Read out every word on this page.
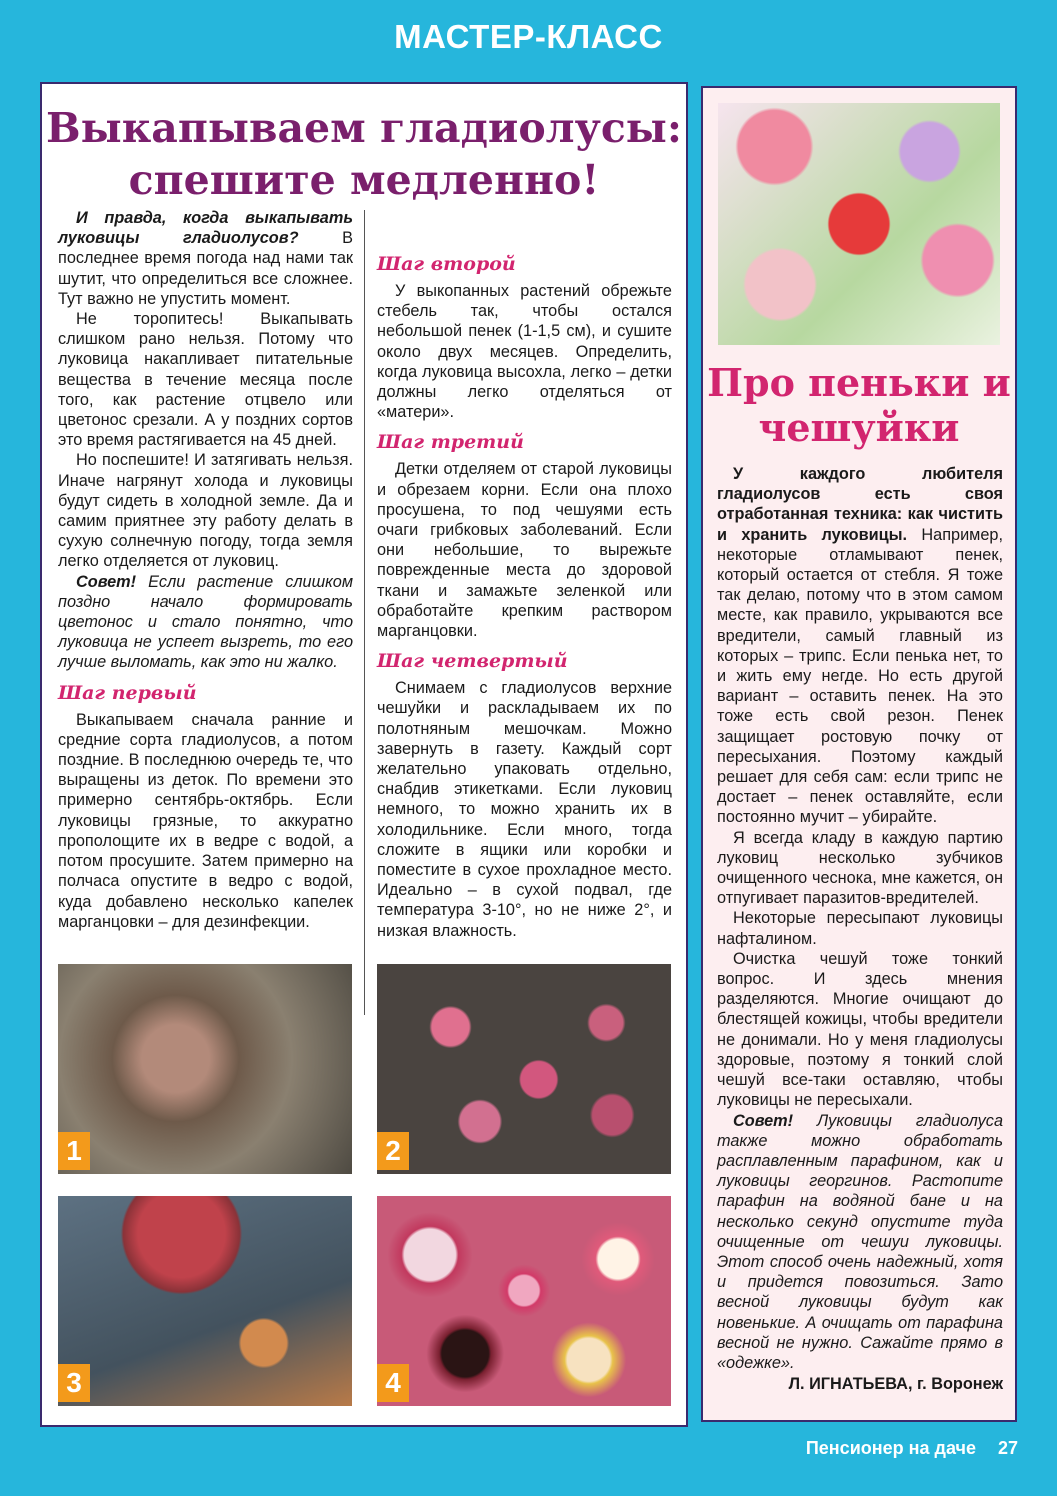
МАСТЕР-КЛАСС
Выкапываем гладиолусы: спешите медленно!

И правда, когда выкапывать луковицы гладиолусов? В последнее время погода над нами так шутит, что определиться все сложнее. Тут важно не упустить момент.

Не торопитесь! Выкапывать слишком рано нельзя. Потому что луковица накапливает питательные вещества в течение месяца после того, как растение отцвело или цветонос срезали. А у поздних сортов это время растягивается на 45 дней.

Но поспешите! И затягивать нельзя. Иначе нагрянут холода и луковицы будут сидеть в холодной земле. Да и самим приятнее эту работу делать в сухую солнечную погоду, тогда земля легко отделяется от луковиц.

Совет! Если растение слишком поздно начало формировать цветонос и стало понятно, что луковица не успеет вызреть, то его лучше выломать, как это ни жалко.

Шаг первый

Выкапываем сначала ранние и средние сорта гладиолусов, а потом поздние. В последнюю очередь те, что выращены из деток. По времени это примерно сентябрь-октябрь. Если луковицы грязные, то аккуратно прополощите их в ведре с водой, а потом просушите. Затем примерно на полчаса опустите в ведро с водой, куда добавлено несколько капелек марганцовки – для дезинфекции.

Шаг второй

У выкопанных растений обрежьте стебель так, чтобы остался небольшой пенек (1-1,5 см), и сушите около двух месяцев. Определить, когда луковица высохла, легко – детки должны легко отделяться от «матери».

Шаг третий

Детки отделяем от старой луковицы и обрезаем корни. Если она плохо просушена, то под чешуями есть очаги грибковых заболеваний. Если они небольшие, то вырежьте поврежденные места до здоровой ткани и замажьте зеленкой или обработайте крепким раствором марганцовки.

Шаг четвертый

Снимаем с гладиолусов верхние чешуйки и раскладываем их по полотняным мешочкам. Можно завернуть в газету. Каждый сорт желательно упаковать отдельно, снабдив этикетками. Если луковиц немного, то можно хранить их в холодильнике. Если много, тогда сложите в ящики или коробки и поместите в сухое прохладное место. Идеально – в сухой подвал, где температура 3-10°, но не ниже 2°, и низкая влажность.

1	2
3	4
Про пеньки и чешуйки

У каждого любителя гладиолусов есть своя отработанная техника: как чистить и хранить луковицы. Например, некоторые отламывают пенек, который остается от стебля. Я тоже так делаю, потому что в этом самом месте, как правило, укрываются все вредители, самый главный из которых – трипс. Если пенька нет, то и жить ему негде. Но есть другой вариант – оставить пенек. На это тоже есть свой резон. Пенек защищает ростовую почку от пересыхания. Поэтому каждый решает для себя сам: если трипс не достает – пенек оставляйте, если постоянно мучит – убирайте.

Я всегда кладу в каждую партию луковиц несколько зубчиков очищенного чеснока, мне кажется, он отпугивает паразитов-вредителей.

Некоторые пересыпают луковицы нафталином.

Очистка чешуй тоже тонкий вопрос. И здесь мнения разделяются. Многие очищают до блестящей кожицы, чтобы вредители не донимали. Но у меня гладиолусы здоровые, поэтому я тонкий слой чешуй все-таки оставляю, чтобы луковицы не пересыхали.

Совет! Луковицы гладиолуса также можно обработать расплавленным парафином, как и луковицы георгинов. Растопите парафин на водяной бане и на несколько секунд опустите туда очищенные от чешуи луковицы. Этот способ очень надежный, хотя и придется повозиться. Зато весной луковицы будут как новенькие. А очищать от парафина весной не нужно. Сажайте прямо в «одежке».

Л. ИГНАТЬЕВА, г. Воронеж

Пенсионер на даче 27
